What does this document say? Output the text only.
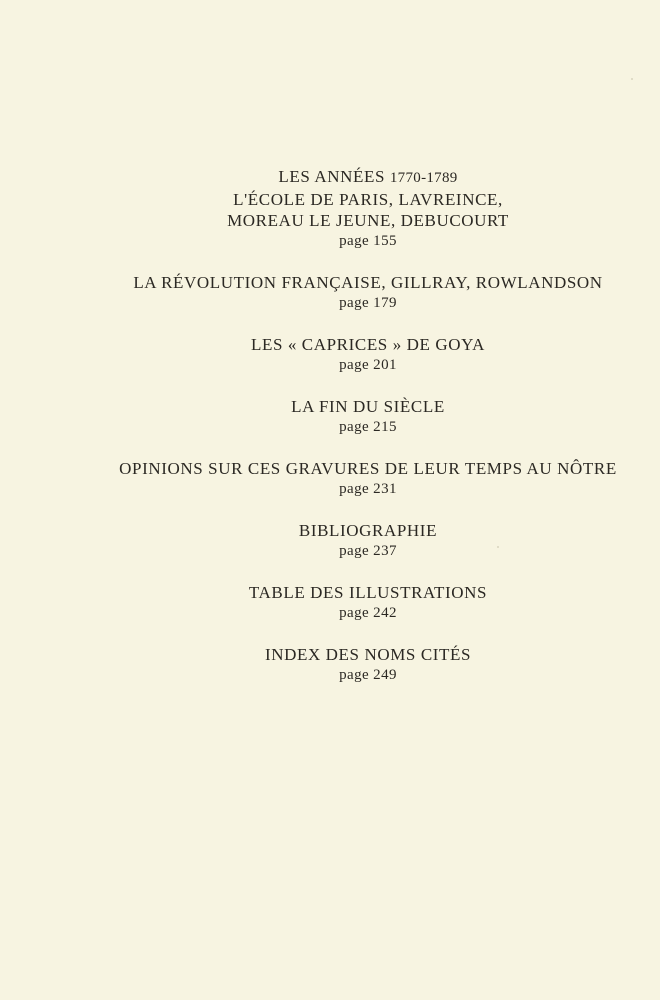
LES ANNÉES 1770-1789
L'ÉCOLE DE PARIS, LAVREINCE,
MOREAU LE JEUNE, DEBUCOURT
page 155
LA RÉVOLUTION FRANÇAISE, GILLRAY, ROWLANDSON
page 179
LES « CAPRICES » DE GOYA
page 201
LA FIN DU SIÈCLE
page 215
OPINIONS SUR CES GRAVURES DE LEUR TEMPS AU NÔTRE
page 231
BIBLIOGRAPHIE
page 237
TABLE DES ILLUSTRATIONS
page 242
INDEX DES NOMS CITÉS
page 249
